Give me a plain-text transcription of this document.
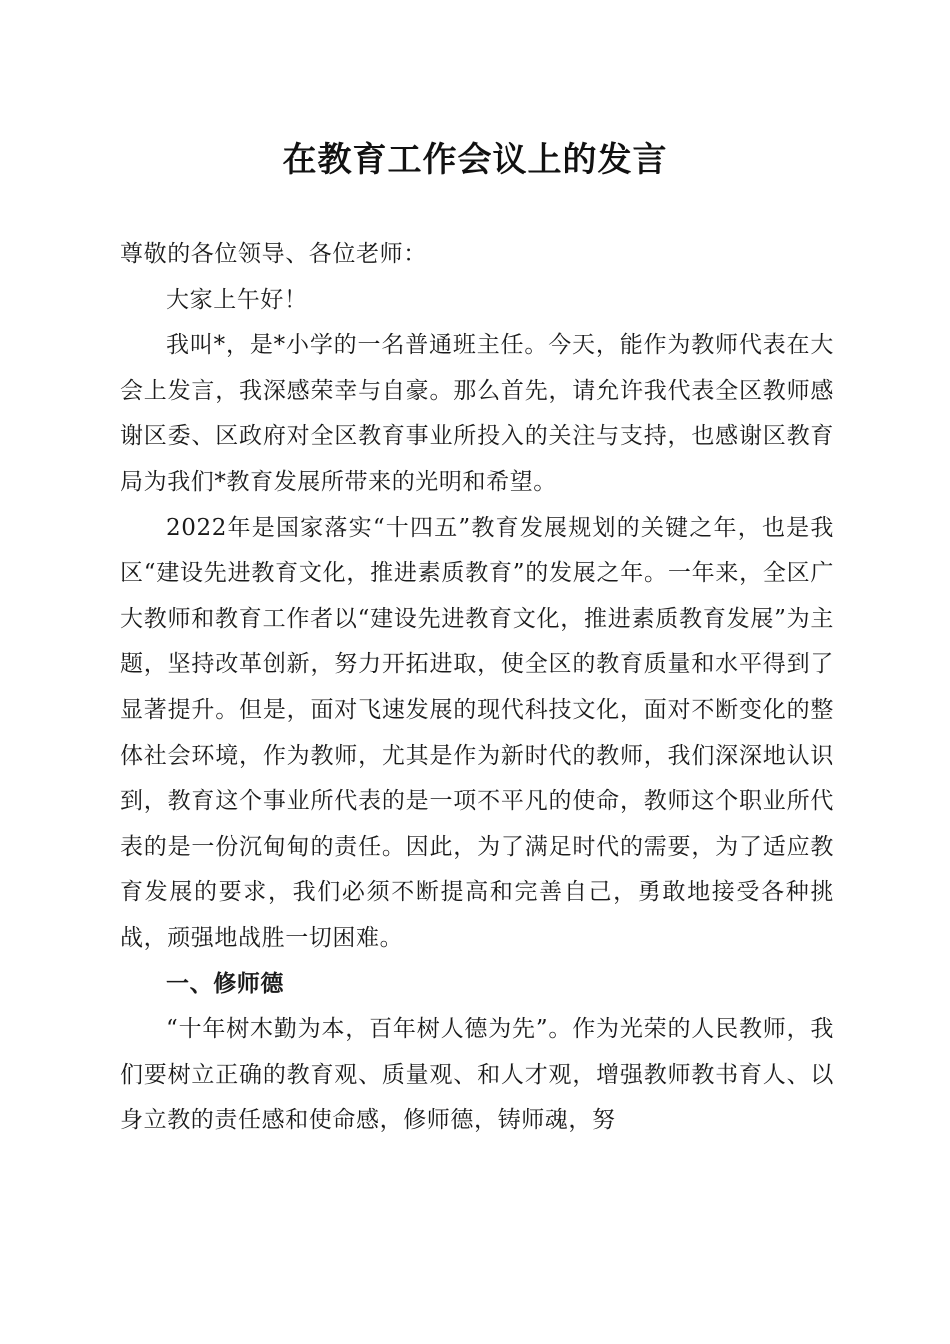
在教育工作会议上的发言

尊敬的各位领导、各位老师：

大家上午好！

我叫*，是*小学的一名普通班主任。今天，能作为教师代表在大会上发言，我深感荣幸与自豪。那么首先，请允许我代表全区教师感谢区委、区政府对全区教育事业所投入的关注与支持，也感谢区教育局为我们*教育发展所带来的光明和希望。

2022年是国家落实“十四五”教育发展规划的关键之年，也是我区“建设先进教育文化，推进素质教育”的发展之年。一年来，全区广大教师和教育工作者以“建设先进教育文化，推进素质教育发展”为主题，坚持改革创新，努力开拓进取，使全区的教育质量和水平得到了显著提升。但是，面对飞速发展的现代科技文化，面对不断变化的整体社会环境，作为教师，尤其是作为新时代的教师，我们深深地认识到，教育这个事业所代表的是一项不平凡的使命，教师这个职业所代表的是一份沉甸甸的责任。因此，为了满足时代的需要，为了适应教育发展的要求，我们必须不断提高和完善自己，勇敢地接受各种挑战，顽强地战胜一切困难。

一、修师德

“十年树木勤为本，百年树人德为先”。作为光荣的人民教师，我们要树立正确的教育观、质量观、和人才观，增强教师教书育人、以身立教的责任感和使命感，修师德，铸师魂，努
